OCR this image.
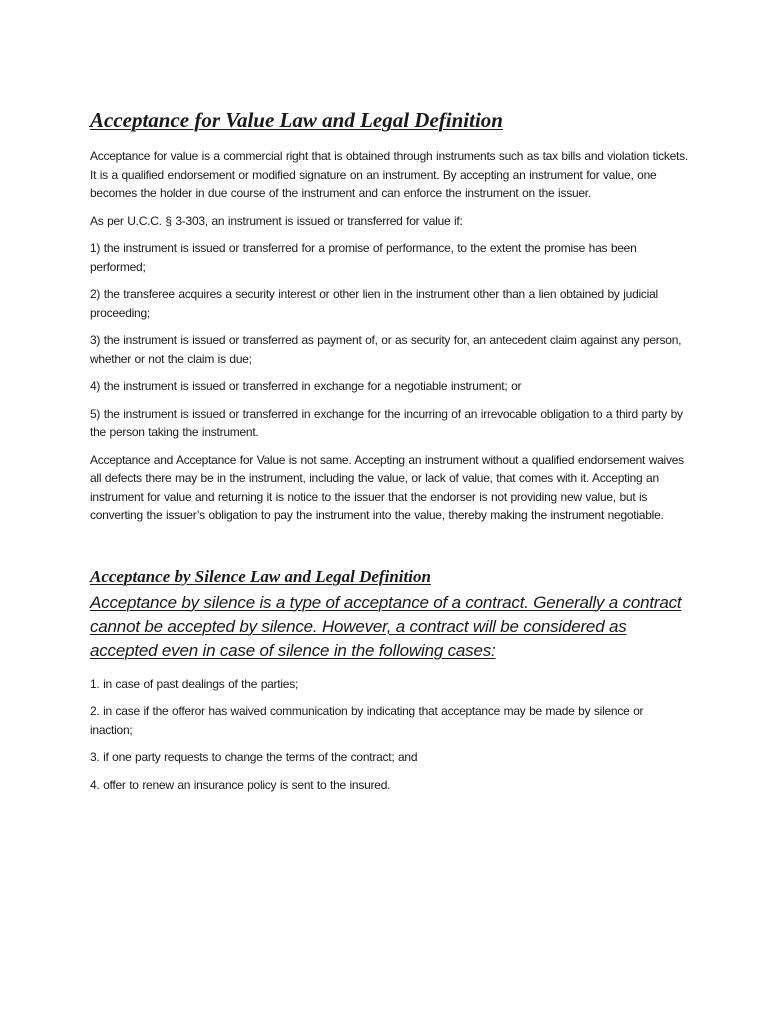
Acceptance for Value Law and Legal Definition

Acceptance for value is a commercial right that is obtained through instruments such as tax bills and violation tickets. It is a qualified endorsement or modified signature on an instrument. By accepting an instrument for value, one becomes the holder in due course of the instrument and can enforce the instrument on the issuer.

As per U.C.C. § 3-303, an instrument is issued or transferred for value if:

1) the instrument is issued or transferred for a promise of performance, to the extent the promise has been performed;

2) the transferee acquires a security interest or other lien in the instrument other than a lien obtained by judicial proceeding;

3) the instrument is issued or transferred as payment of, or as security for, an antecedent claim against any person, whether or not the claim is due;

4) the instrument is issued or transferred in exchange for a negotiable instrument; or

5) the instrument is issued or transferred in exchange for the incurring of an irrevocable obligation to a third party by the person taking the instrument.

Acceptance and Acceptance for Value is not same. Accepting an instrument without a qualified endorsement waives all defects there may be in the instrument, including the value, or lack of value, that comes with it. Accepting an instrument for value and returning it is notice to the issuer that the endorser is not providing new value, but is converting the issuer’s obligation to pay the instrument into the value, thereby making the instrument negotiable.

Acceptance by Silence Law and Legal Definition

Acceptance by silence is a type of acceptance of a contract. Generally a contract cannot be accepted by silence. However, a contract will be considered as accepted even in case of silence in the following cases:

1. in case of past dealings of the parties;

2. in case if the offeror has waived communication by indicating that acceptance may be made by silence or inaction;

3. if one party requests to change the terms of the contract; and

4. offer to renew an insurance policy is sent to the insured.
